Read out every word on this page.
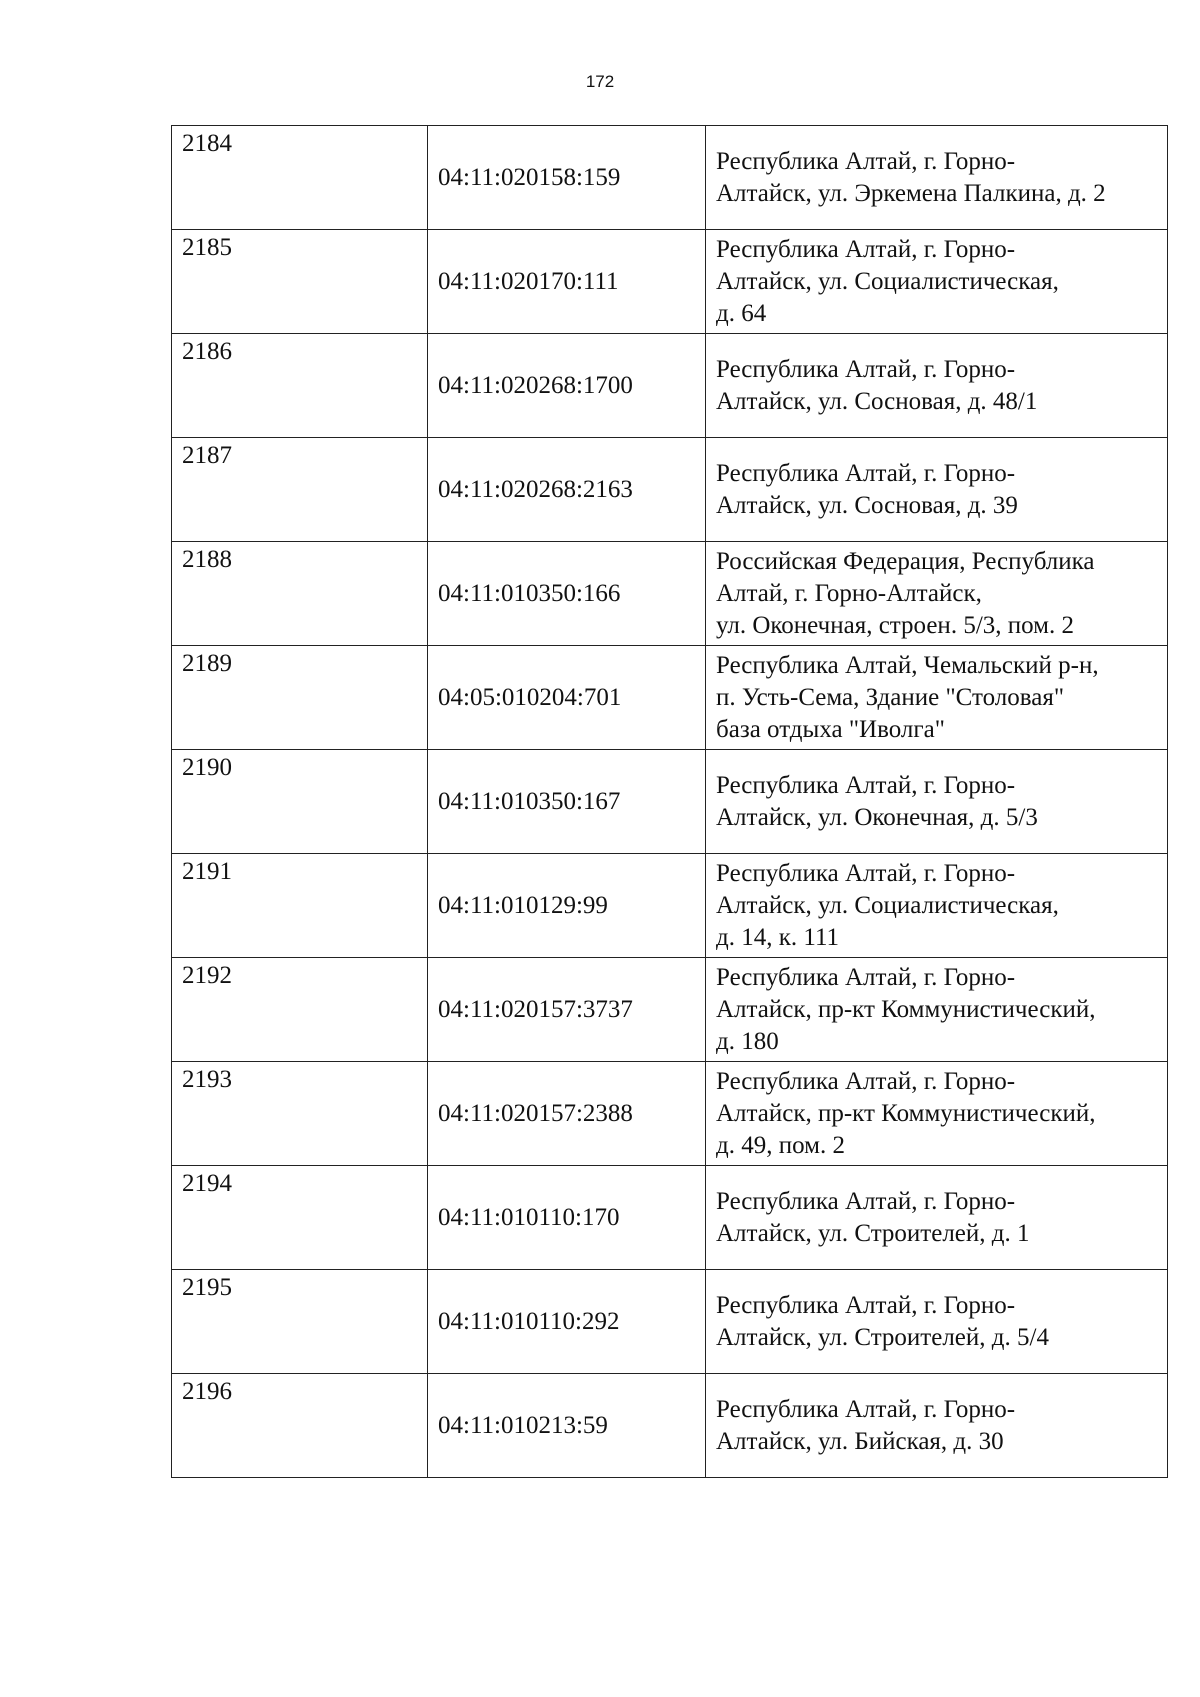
172
2184	04:11:020158:159	Республика Алтай, г. Горно-
Алтайск, ул. Эркемена Палкина, д. 2

2185	04:11:020170:111	Республика Алтай, г. Горно-
Алтайск, ул. Социалистическая,
д. 64

2186	04:11:020268:1700	Республика Алтай, г. Горно-
Алтайск, ул. Сосновая, д. 48/1

2187	04:11:020268:2163	Республика Алтай, г. Горно-
Алтайск, ул. Сосновая, д. 39

2188	04:11:010350:166	Российская Федерация, Республика
Алтай, г. Горно-Алтайск,
ул. Оконечная, строен. 5/3, пом. 2

2189	04:05:010204:701	Республика Алтай, Чемальский р-н,
п. Усть-Сема, Здание "Столовая"
база отдыха "Иволга"

2190	04:11:010350:167	Республика Алтай, г. Горно-
Алтайск, ул. Оконечная, д. 5/3

2191	04:11:010129:99	Республика Алтай, г. Горно-
Алтайск, ул. Социалистическая,
д. 14, к. 111

2192	04:11:020157:3737	Республика Алтай, г. Горно-
Алтайск, пр-кт Коммунистический,
д. 180

2193	04:11:020157:2388	Республика Алтай, г. Горно-
Алтайск, пр-кт Коммунистический,
д. 49, пом. 2

2194	04:11:010110:170	Республика Алтай, г. Горно-
Алтайск, ул. Строителей, д. 1

2195	04:11:010110:292	Республика Алтай, г. Горно-
Алтайск, ул. Строителей, д. 5/4

2196	04:11:010213:59	Республика Алтай, г. Горно-
Алтайск, ул. Бийская, д. 30
